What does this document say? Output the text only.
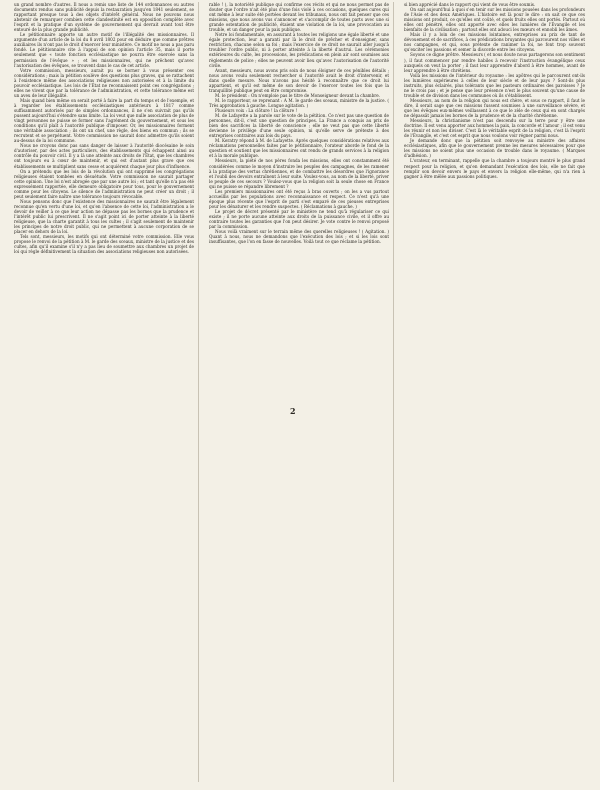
un grand nombre d'autres. Il nous a remis une liste de 144 ordonnances ou autres documents rendus sans publicité depuis la restauration jusqu'en 1841 seulement, se rapportant presque tous à des objets d'intérêt général. Nous ne pouvons nous abstenir de remarquer combien cette clandestinité est en opposition complète avec l'esprit et la pratique d'un système de gouvernement qui devrait avant tout être entouré de la plus grande publicité.

Le pétitionnaire apporte un autre motif de l'illégalité des missionnaires. Il argumente d'un article de la loi du 8 avril 1802 pour en déduire que comme prêtres auxiliaires ils n'ont pas le droit d'exercer leur ministère. Ce motif ne nous a pas paru fondé. Le pétitionnaire cite à l'appui de son opinion l'article 35, mais il porte seulement que « toute fonction ecclésiastique ne pourra être exercée sans la permission de l'évêque » ; et les missionnaires, qui ne prêchent qu'avec l'autorisation des évêques, se trouvent dans le cas de cet article.

Votre commission, messieurs, aurait pu se borner à vous présenter ces considérations ; mais la pétition soulève des questions plus graves, qui se rattachent à l'existence même des associations religieuses non autorisées et à la limite du pouvoir ecclésiastique. Les lois de l'État ne reconnaissent point ces congrégations ; elles ne vivent que par la tolérance de l'administration, et cette tolérance même est un aveu de leur illégalité.

Mais quand bien même on serait porté à faire la part du temps et de l'exemple, et à regarder les établissements ecclésiastiques antérieurs à 1817 comme suffisamment autorisés par de simples ordonnances, il ne s'en suivrait pas qu'ils pussent aujourd'hui s'étendre sans limite. La loi veut que nulle association de plus de vingt personnes ne puisse se former sans l'agrément du gouvernement, et sous les conditions qu'il plaît à l'autorité publique d'imposer. Or, les missionnaires forment une véritable association ; ils ont un chef, une règle, des biens en commun ; ils se recrutent et se perpétuent. Votre commission ne saurait donc admettre qu'ils soient au-dessus de la loi commune.

Nous ne croyons donc pas sans danger de laisser à l'autorité diocésaine le soin d'autoriser, par des actes particuliers, des établissements qui échappent ainsi au contrôle du pouvoir civil. Il y a là une atteinte aux droits de l'État, que les chambres ont toujours eu à cœur de maintenir, et qui est d'autant plus grave que ces établissements se multiplient sans cesse et acquièrent chaque jour plus d'influence.

On a prétendu que les lois de la révolution qui ont supprimé les congrégations religieuses étaient tombées en désuétude. Votre commission ne saurait partager cette opinion. Une loi n'est abrogée que par une autre loi ; et tant qu'elle n'a pas été expressément rapportée, elle demeure obligatoire pour tous, pour le gouvernement comme pour les citoyens. Le silence de l'administration ne peut créer un droit ; il peut seulement faire naître une tolérance toujours révocable.

Nous pensons donc que l'existence des missionnaires ne saurait être légalement reconnue qu'en vertu d'une loi, et qu'en l'absence de cette loi, l'administration a le devoir de veiller à ce que leur action ne dépasse pas les bornes que la prudence et l'intérêt public lui prescrivent. Il ne s'agit point ici de porter atteinte à la liberté religieuse, que la charte garantit à tous les cultes ; il s'agit seulement de maintenir les principes de notre droit public, qui ne permettent à aucune corporation de se placer en dehors de la loi.

Tels sont, messieurs, les motifs qui ont déterminé votre commission. Elle vous propose le renvoi de la pétition à M. le garde des sceaux, ministre de la justice et des cultes, afin qu'il examine s'il n'y a pas lieu de soumettre aux chambres un projet de loi qui règle définitivement la situation des associations religieuses non autorisées.

rable ! ), la notoriété publique qui confirme ces récits et qui ne nous permet pas de douter que l'ordre n'ait été plus d'une fois violé à ces occasions, quelques cures qui ont même à leur suite été portées devant les tribunaux, nous ont fait penser que ces missions, que nous avons vus s'annoncer et s'accomplir de toutes parts avec une si grande ostentation de publicité, étaient une violation de la loi, une provocation au trouble, et un danger pour la paix publique.

Notre loi fondamentale, en assurant à toutes les religions une égale liberté et une égale protection, leur a garanti par là le droit de prêcher et d'enseigner, sans restriction, chacune selon sa foi ; mais l'exercice de ce droit ne saurait aller jusqu'à troubler l'ordre public, ni à porter atteinte à la liberté d'autrui. Les cérémonies extérieures du culte, les processions, les prédications en plein air sont soumises aux règlements de police ; elles ne peuvent avoir lieu qu'avec l'autorisation de l'autorité civile.

Avant, messieurs, nous avons pris soin de nous éloigner de ces pénibles détails ; nous avons voulu seulement rechercher si l'autorité avait le droit d'intervenir, et dans quelle mesure. Nous n'avons pas hésité à reconnaître que ce droit lui appartient, et qu'il est même de son devoir de l'exercer toutes les fois que la tranquillité publique peut en être compromise.

M. le président : On n'emploie pas le titre de Monseigneur devant la chambre.

M. le rapporteur, se reprenant : A M. le garde des sceaux, ministre de la justice. ( Très approbation à gauche. Longue agitation. )

Plusieurs voix : La clôture ! la clôture !

M. de Lafayette a la parole sur le vote de la pétition. Ce n'est pas une question de personnes, dit-il, c'est une question de principes. La France a conquis au prix de bien des sacrifices la liberté de conscience ; elle ne veut pas que cette liberté devienne le privilège d'une seule opinion, ni qu'elle serve de prétexte à des entreprises contraires aux lois du pays.

M. Keratry répond à M. de Lafayette. Après quelques considérations relatives aux réclamations personnelles faites par le pétitionnaire, l'orateur aborde le fond de la question et soutient que les missionnaires ont rendu de grands services à la religion et à la morale publique.

Messieurs, la piété de nos pères fonda les missions, elles ont constamment été considérées comme le moyen d'instruire les peuples des campagnes, de les ramener à la pratique des vertus chrétiennes, et de combattre les désordres que l'ignorance et l'oubli des devoirs entraînent à leur suite. Voulez-vous, au nom de la liberté, priver le peuple de ces secours ? Voulez-vous que la religion soit la seule chose en France qui ne puisse se répandre librement ?

Les premiers missionnaires ont été reçus à bras ouverts ; on les a vus partout accueillis par les populations avec reconnaissance et respect. Ce n'est qu'à une époque plus récente que l'esprit de parti s'est emparé de ces pieuses entreprises pour les dénaturer et les rendre suspectes. ( Réclamations à gauche. )

Le projet de décret présenté par le ministère ne tend qu'à régulariser ce qui existe ; il ne porte aucune atteinte aux droits de la puissance civile, et il offre au contraire toutes les garanties que l'on peut désirer. Je vote contre le renvoi proposé par la commission.

Nous voilà vraiment sur le terrain même des querelles religieuses ! ( Agitation. ) Quant à nous, nous ne demandons que l'exécution des lois ; et si les lois sont insuffisantes, que l'on en fasse de nouvelles. Voilà tout ce que réclame la pétition.

si bien apprécié dans le rapport qui vient de vous être soumis.

On sait aujourd'hui à quoi s'en tenir sur les missions pousées dans les profondeurs de l'Asie et des deux Amériques. L'histoire est là pour le dire : on sait ce que ces missions ont produit, ce qu'elles ont coûté, et quels fruits elles ont portés. Partout où elles ont pénétré, elles ont apporté avec elles les lumières de l'Évangile et les bienfaits de la civilisation ; partout elles ont adouci les mœurs et ennobli les âmes.

Mais il y a loin de ces missions lointaines, entreprises au prix de tant de dévouement et de sacrifices, à ces prédications bruyantes qui parcourent nos villes et nos campagnes, et qui, sous prétexte de ranimer la foi, ne font trop souvent qu'exciter les passions et semer la discorde entre les citoyens.

Soyons ce digne prêtre. Messieurs ( et nous doute nous partagerons son sentiment ), il faut commencer par rendre habiles à recevoir l'instruction évangélique ceux auxquels on veut la porter ; il faut leur apprendre d'abord à être hommes, avant de leur apprendre à être chrétiens.

Voilà les missions de l'intérieur du royaume : les apôtres qui le parcourent ont-ils les lumières supérieures à celles de leur siècle et de leur pays ? Sont-ils plus instruits, plus éclairés, plus tolérants que les pasteurs ordinaires des paroisses ? Je ne le crois pas ; et je pense que leur présence n'est le plus souvent qu'une cause de trouble et de division dans les communes où ils s'établissent.

Messieurs, au nom de la religion qui nous est chère, et sous ce rapport, il faut le dire, il serait sage que ces missions fussent soumises à une surveillance sévère, et que les évêques eux-mêmes veillassent à ce que le zèle de ceux qui en sont chargés ne dépassât jamais les bornes de la prudence et de la charité chrétienne.

Messieurs, la christianisme n'est pas descendu sur la terre pour y être une doctrine. Il est venu apporter aux hommes la paix, la concorde et l'amour ; il est venu les réunir et non les diviser. C'est là le véritable esprit de la religion, c'est là l'esprit de l'Évangile, et c'est cet esprit que nous voulons voir régner parmi nous.

Je demande donc que la pétition soit renvoyée au ministre des affaires ecclésiastiques, afin que le gouvernement prenne les mesures nécessaires pour que les missions ne soient plus une occasion de trouble dans le royaume. ( Marques d'adhésion. )

L'orateur, en terminant, rappelle que la chambre a toujours montré le plus grand respect pour la religion, et qu'en demandant l'exécution des lois, elle ne fait que remplir son devoir envers le pays et envers la religion elle-même, qui n'a rien à gagner à être mêlée aux passions politiques.

2
